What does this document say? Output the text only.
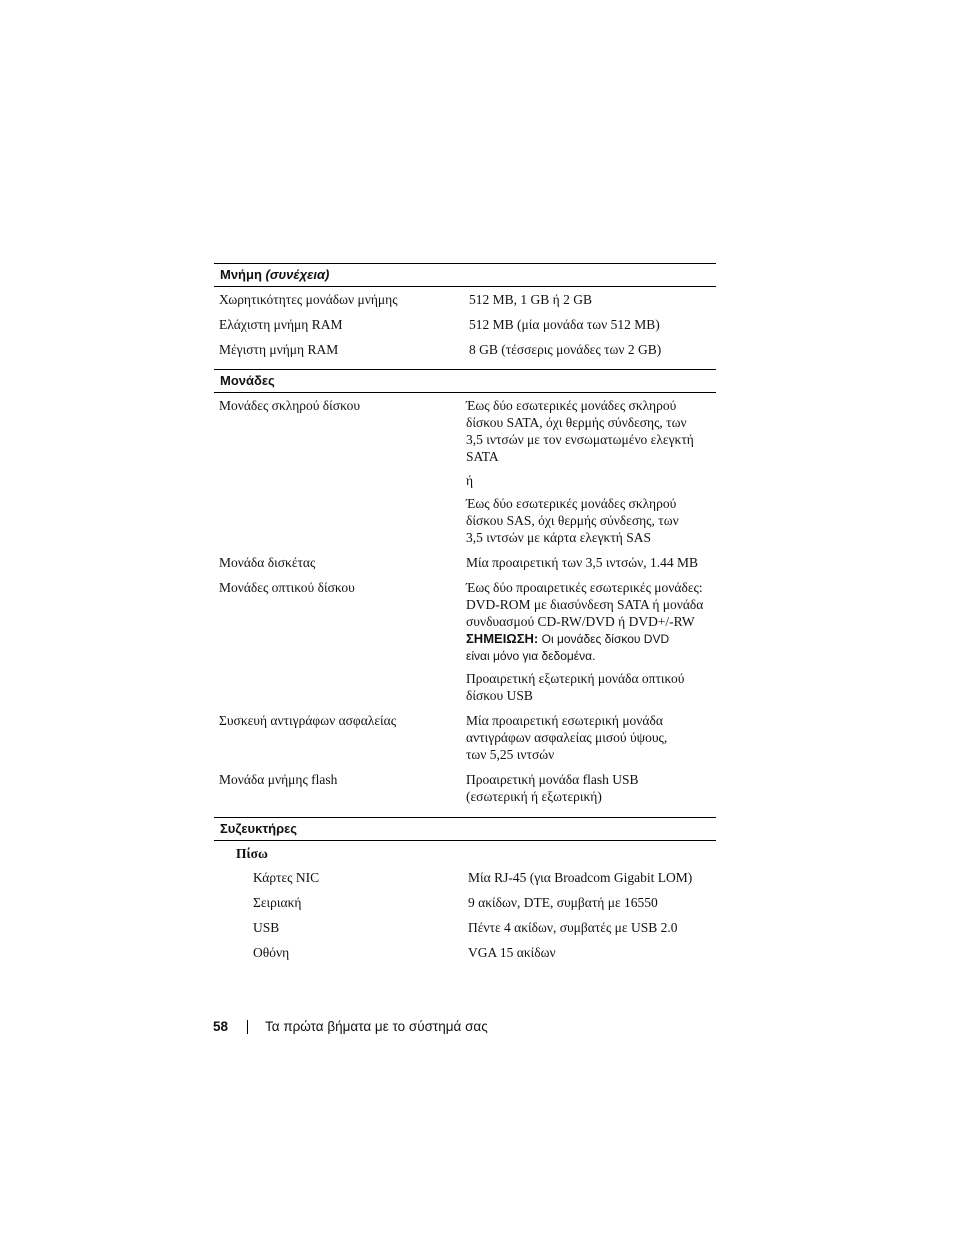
Μνήμη (συνέχεια)
Χωρητικότητες μονάδων μνήμης	512 MB, 1 GB ή 2 GB
Ελάχιστη μνήμη RAM	512 MB (μία μονάδα των 512 MB)
Μέγιστη μνήμη RAM	8 GB (τέσσερις μονάδες των 2 GB)
Μονάδες
Μονάδες σκληρού δίσκου	Έως δύο εσωτερικές μονάδες σκληρού
δίσκου SATA, όχι θερμής σύνδεσης, των
3,5 ιντσών με τον ενσωματωμένο ελεγκτή
SATA
ή
Έως δύο εσωτερικές μονάδες σκληρού
δίσκου SAS, όχι θερμής σύνδεσης, των
3,5 ιντσών με κάρτα ελεγκτή SAS
Μονάδα δισκέτας	Μία προαιρετική των 3,5 ιντσών, 1.44 MB
Μονάδες οπτικού δίσκου	Έως δύο προαιρετικές εσωτερικές μονάδες:
DVD-ROM με διασύνδεση SATA ή μονάδα
συνδυασμού CD-RW/DVD ή DVD+/-RW
ΣΗΜΕΙΩΣΗ: Οι μονάδες δίσκου DVD
είναι μόνο για δεδομένα.
Προαιρετική εξωτερική μονάδα οπτικού
δίσκου USB
Συσκευή αντιγράφων ασφαλείας	Μία προαιρετική εσωτερική μονάδα
αντιγράφων ασφαλείας μισού ύψους,
των 5,25 ιντσών
Μονάδα μνήμης flash	Προαιρετική μονάδα flash USB
(εσωτερική ή εξωτερική)
Συζευκτήρες
Πίσω
Κάρτες NIC	Μία RJ-45 (για Broadcom Gigabit LOM)
Σειριακή	9 ακίδων, DTE, συμβατή με 16550
USB	Πέντε 4 ακίδων, συμβατές με USB 2.0
Οθόνη	VGA 15 ακίδων
58	Τα πρώτα βήματα με το σύστημά σας
